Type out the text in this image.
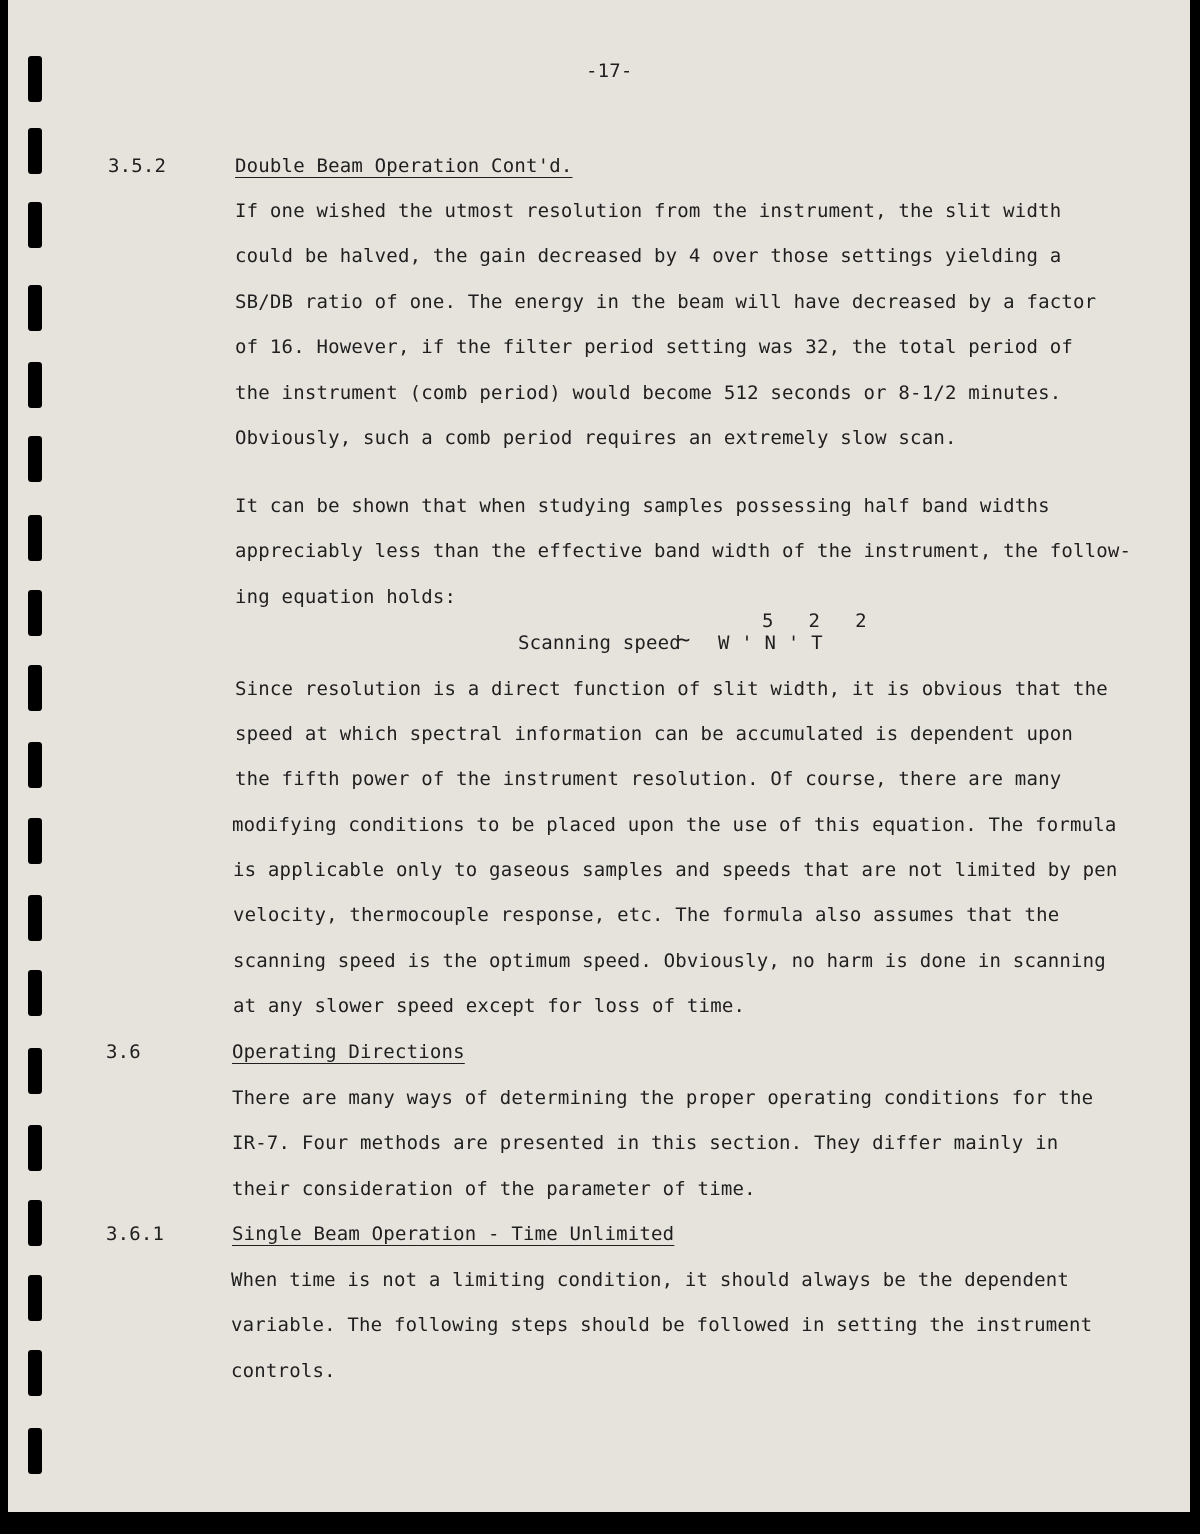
-17-
3.5.2	Double Beam Operation Cont'd.
If one wished the utmost resolution from the instrument, the slit width
could be halved, the gain decreased by 4 over those settings yielding a
SB/DB ratio of one. The energy in the beam will have decreased by a factor
of 16. However, if the filter period setting was 32, the total period of
the instrument (comb period) would become 512 seconds or 8-1/2 minutes.
Obviously, such a comb period requires an extremely slow scan.
It can be shown that when studying samples possessing half band widths
appreciably less than the effective band width of the instrument, the follow-
ing equation holds:
5   2   2
Scanning speed
~ W ' N ' T
Since resolution is a direct function of slit width, it is obvious that the
speed at which spectral information can be accumulated is dependent upon
the fifth power of the instrument resolution. Of course, there are many
modifying conditions to be placed upon the use of this equation. The formula
is applicable only to gaseous samples and speeds that are not limited by pen
velocity, thermocouple response, etc. The formula also assumes that the
scanning speed is the optimum speed. Obviously, no harm is done in scanning
at any slower speed except for loss of time.
3.6	Operating Directions
There are many ways of determining the proper operating conditions for the
IR-7. Four methods are presented in this section. They differ mainly in
their consideration of the parameter of time.
3.6.1	Single Beam Operation - Time Unlimited
When time is not a limiting condition, it should always be the dependent
variable. The following steps should be followed in setting the instrument
controls.
